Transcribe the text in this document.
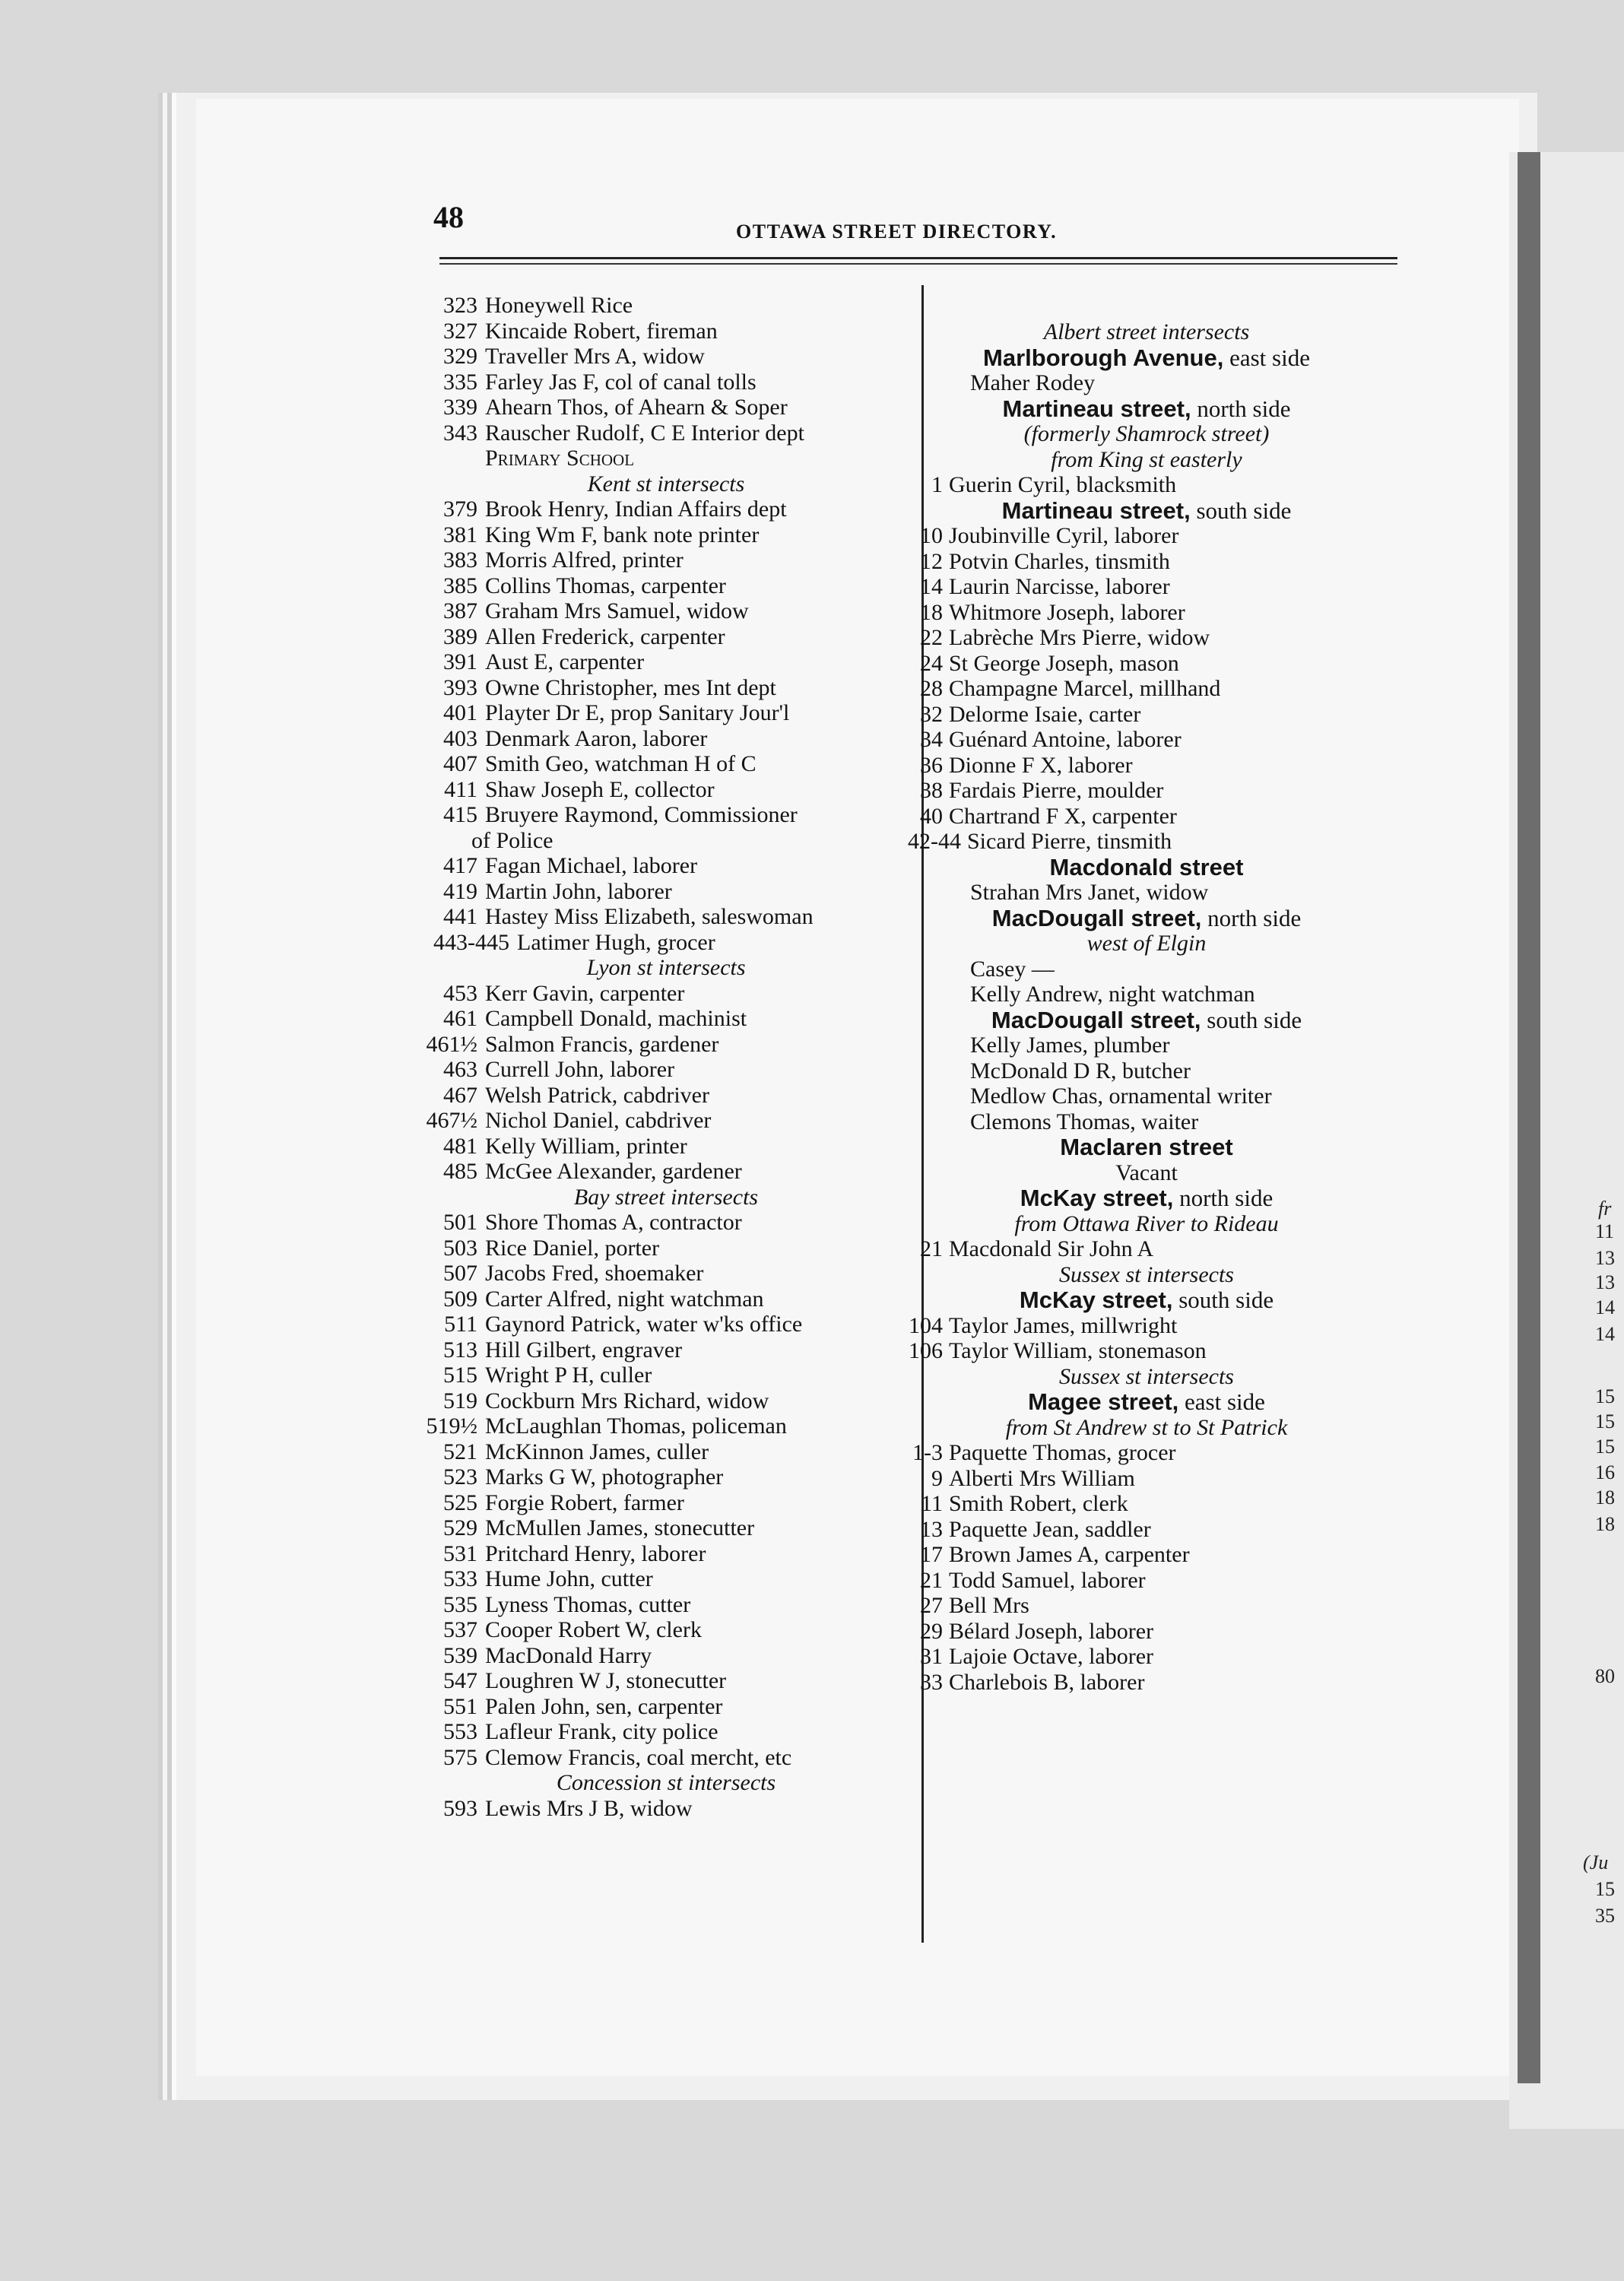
48	OTTAWA STREET DIRECTORY.
323 Honeywell Rice
327 Kincaide Robert, fireman
329 Traveller Mrs A, widow
335 Farley Jas F, col of canal tolls
339 Ahearn Thos, of Ahearn & Soper
343 Rauscher Rudolf, C E Interior dept
Primary School
Kent st intersects
379 Brook Henry, Indian Affairs dept
381 King Wm F, bank note printer
383 Morris Alfred, printer
385 Collins Thomas, carpenter
387 Graham Mrs Samuel, widow
389 Allen Frederick, carpenter
391 Aust E, carpenter
393 Owne Christopher, mes Int dept
401 Playter Dr E, prop Sanitary Jour'l
403 Denmark Aaron, laborer
407 Smith Geo, watchman H of C
411 Shaw Joseph E, collector
415 Bruyere Raymond, Commissioner
of Police
417 Fagan Michael, laborer
419 Martin John, laborer
441 Hastey Miss Elizabeth, saleswoman
443-445 Latimer Hugh, grocer
Lyon st intersects
453 Kerr Gavin, carpenter
461 Campbell Donald, machinist
461½ Salmon Francis, gardener
463 Currell John, laborer
467 Welsh Patrick, cabdriver
467½ Nichol Daniel, cabdriver
481 Kelly William, printer
485 McGee Alexander, gardener
Bay street intersects
501 Shore Thomas A, contractor
503 Rice Daniel, porter
507 Jacobs Fred, shoemaker
509 Carter Alfred, night watchman
511 Gaynord Patrick, water w'ks office
513 Hill Gilbert, engraver
515 Wright P H, culler
519 Cockburn Mrs Richard, widow
519½ McLaughlan Thomas, policeman
521 McKinnon James, culler
523 Marks G W, photographer
525 Forgie Robert, farmer
529 McMullen James, stonecutter
531 Pritchard Henry, laborer
533 Hume John, cutter
535 Lyness Thomas, cutter
537 Cooper Robert W, clerk
539 MacDonald Harry
547 Loughren W J, stonecutter
551 Palen John, sen, carpenter
553 Lafleur Frank, city police
575 Clemow Francis, coal mercht, etc
Concession st intersects
593 Lewis Mrs J B, widow
Albert street intersects
Marlborough Avenue, east side
Maher Rodey
Martineau street, north side
(formerly Shamrock street)
from King st easterly
1 Guerin Cyril, blacksmith
Martineau street, south side
10 Joubinville Cyril, laborer
12 Potvin Charles, tinsmith
14 Laurin Narcisse, laborer
18 Whitmore Joseph, laborer
22 Labrèche Mrs Pierre, widow
24 St George Joseph, mason
28 Champagne Marcel, millhand
32 Delorme Isaie, carter
34 Guénard Antoine, laborer
36 Dionne F X, laborer
38 Fardais Pierre, moulder
40 Chartrand F X, carpenter
42-44 Sicard Pierre, tinsmith
Macdonald street
Strahan Mrs Janet, widow
MacDougall street, north side
west of Elgin
Casey —
Kelly Andrew, night watchman
MacDougall street, south side
Kelly James, plumber
McDonald D R, butcher
Medlow Chas, ornamental writer
Clemons Thomas, waiter
Maclaren street
Vacant
McKay street, north side
from Ottawa River to Rideau
21 Macdonald Sir John A
Sussex st intersects
McKay street, south side
104 Taylor James, millwright
106 Taylor William, stonemason
Sussex st intersects
Magee street, east side
from St Andrew st to St Patrick
1-3 Paquette Thomas, grocer
9 Alberti Mrs William
11 Smith Robert, clerk
13 Paquette Jean, saddler
17 Brown James A, carpenter
21 Todd Samuel, laborer
27 Bell Mrs
29 Bélard Joseph, laborer
31 Lajoie Octave, laborer
33 Charlebois B, laborer
fr
11
13
13
14
14
15
15
15
16
18
18
80
(Ju
15
35
